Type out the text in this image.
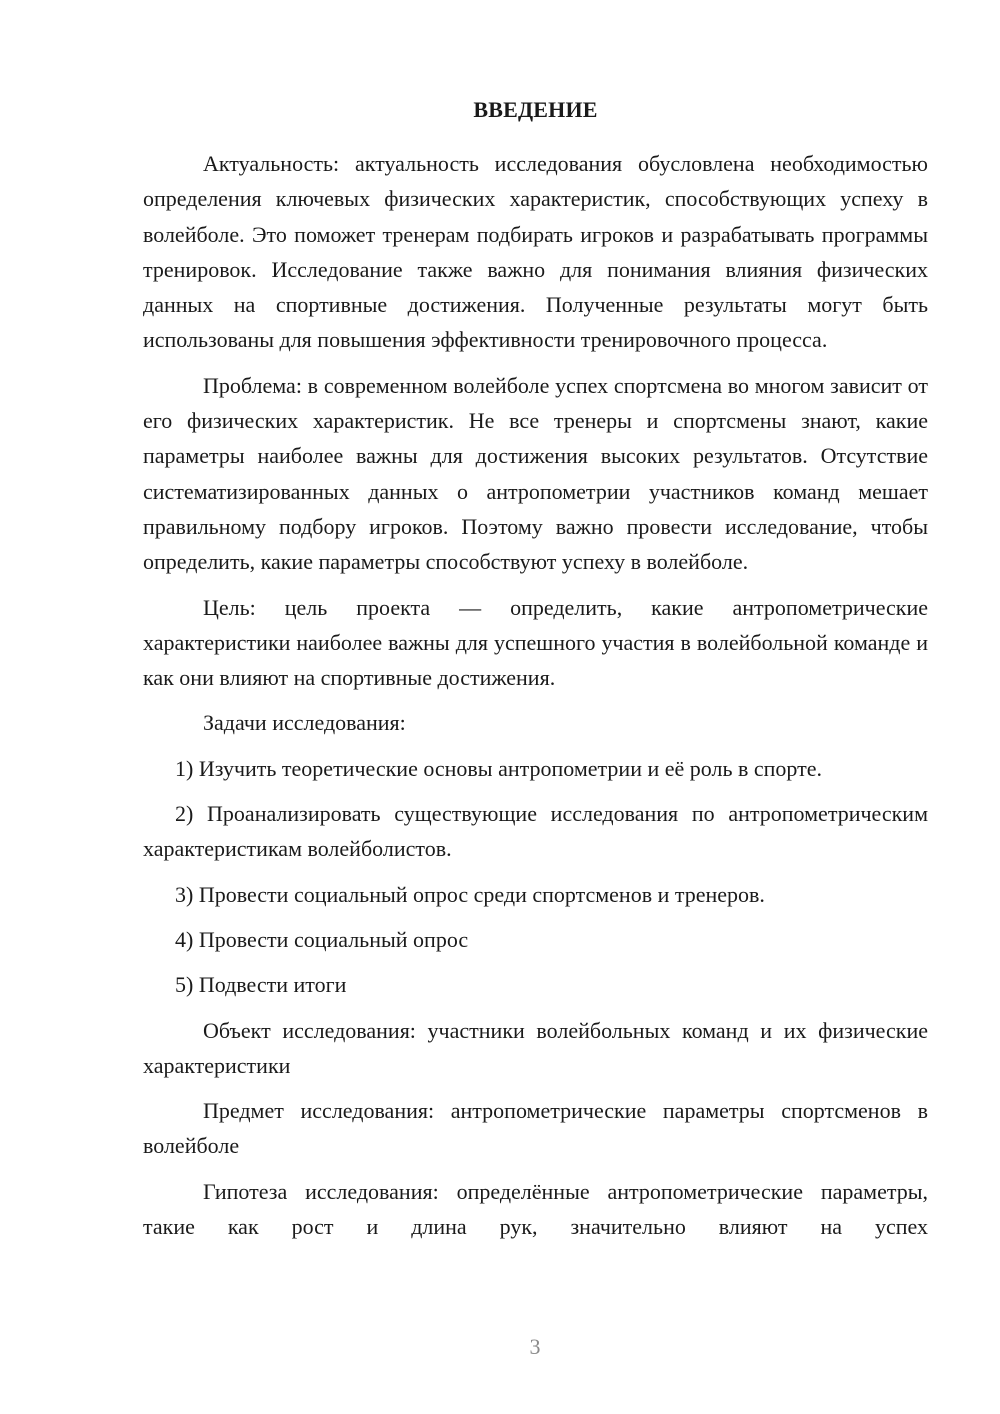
ВВЕДЕНИЕ

Актуальность: актуальность исследования обусловлена необходимостью определения ключевых физических характеристик, способствующих успеху в волейболе. Это поможет тренерам подбирать игроков и разрабатывать программы тренировок. Исследование также важно для понимания влияния физических данных на спортивные достижения. Полученные результаты могут быть использованы для повышения эффективности тренировочного процесса.

Проблема: в современном волейболе успех спортсмена во многом зависит от его физических характеристик. Не все тренеры и спортсмены знают, какие параметры наиболее важны для достижения высоких результатов. Отсутствие систематизированных данных о антропометрии участников команд мешает правильному подбору игроков. Поэтому важно провести исследование, чтобы определить, какие параметры способствуют успеху в волейболе.

Цель: цель проекта — определить, какие антропометрические характеристики наиболее важны для успешного участия в волейбольной команде и как они влияют на спортивные достижения.

Задачи исследования:

1) Изучить теоретические основы антропометрии и её роль в спорте.

2) Проанализировать существующие исследования по антропометрическим характеристикам волейболистов.

3) Провести социальный опрос среди спортсменов и тренеров.

4) Провести социальный опрос

5) Подвести итоги

Объект исследования: участники волейбольных команд и их физические характеристики

Предмет исследования: антропометрические параметры спортсменов в волейболе

Гипотеза исследования: определённые антропометрические параметры, такие как рост и длина рук, значительно влияют на успех

3
